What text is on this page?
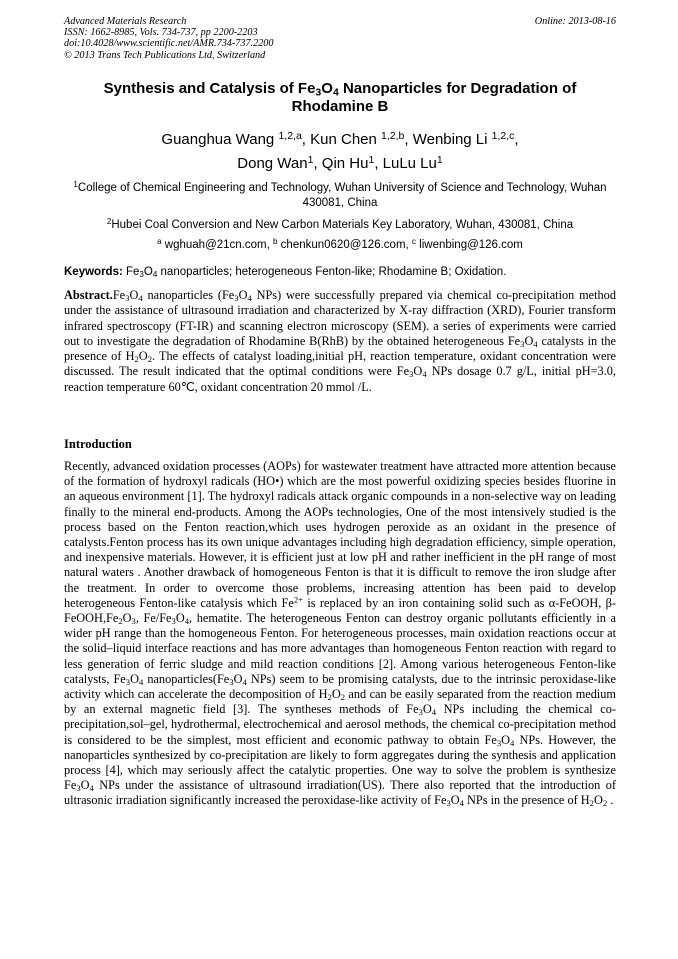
Advanced Materials Research
ISSN: 1662-8985, Vols. 734-737, pp 2200-2203
doi:10.4028/www.scientific.net/AMR.734-737.2200
© 2013 Trans Tech Publications Ltd, Switzerland
Online: 2013-08-16
Synthesis and Catalysis of $Fe_3O_4$ Nanoparticles for Degradation of Rhodamine B
Guanghua Wang $^{1,2,a}$, Kun Chen $^{1,2,b}$, Wenbing Li $^{1,2,c}$,
Dong Wan$^1$, Qin Hu$^1$, LuLu Lu$^1$
$^1$College of Chemical Engineering and Technology, Wuhan University of Science and Technology, Wuhan 430081, China
$^2$Hubei Coal Conversion and New Carbon Materials Key Laboratory, Wuhan, 430081, China
$^a$ wghuah@21cn.com, $^b$ chenkun0620@126.com, $^c$ liwenbing@126.com
Keywords: $Fe_3O_4$ nanoparticles; heterogeneous Fenton-like; Rhodamine B; Oxidation.
$Abstract.Fe_3O_4$ nanoparticles ($Fe_3O_4$ NPs) were successfully prepared via chemical co-precipitation method under the assistance of ultrasound irradiation and characterized by X-ray diffraction (XRD), Fourier transform infrared spectroscopy (FT-IR) and scanning electron microscopy (SEM). a series of experiments were carried out to investigate the degradation of Rhodamine B(RhB) by the obtained heterogeneous $Fe_3O_4$ catalysts in the presence of $H_2O_2$. The effects of catalyst loading,initial pH, reaction temperature, oxidant concentration were discussed. The result indicated that the optimal conditions were $Fe_3O_4$ NPs dosage 0.7 g/L, initial pH=3.0, reaction temperature 60℃, oxidant concentration 20 mmol /L.
Introduction
Recently, advanced oxidation processes (AOPs) for wastewater treatment have attracted more attention because of the formation of hydroxyl radicals (HO•) which are the most powerful oxidizing species besides fluorine in an aqueous environment [1]. The hydroxyl radicals attack organic compounds in a non-selective way on leading finally to the mineral end-products. Among the AOPs technologies, One of the most intensively studied is the process based on the Fenton reaction,which uses hydrogen peroxide as an oxidant in the presence of catalysts.Fenton process has its own unique advantages including high degradation efficiency, simple operation, and inexpensive materials. However, it is efficient just at low pH and rather inefficient in the pH range of most natural waters . Another drawback of homogeneous Fenton is that it is difficult to remove the iron sludge after the treatment. In order to overcome those problems, increasing attention has been paid to develop heterogeneous Fenton-like catalysis which $Fe^{2+}$ is replaced by an iron containing solid such as α-FeOOH, $\beta-FeOOH,Fe_2O_3$, $Fe/Fe_3O_4$, hematite. The heterogeneous Fenton can destroy organic pollutants efficiently in a wider pH range than the homogeneous Fenton. For heterogeneous processes, main oxidation reactions occur at the solid–liquid interface reactions and has more advantages than homogeneous Fenton reaction with regard to less generation of ferric sludge and mild reaction conditions [2]. Among various heterogeneous Fenton-like catalysts, $Fe_3O_4$ $nanoparticles(Fe_3O_4$ NPs) seem to be promising catalysts, due to the intrinsic peroxidase-like activity which can accelerate the decomposition of $H_2O_2$ and can be easily separated from the reaction medium by an external magnetic field [3]. The syntheses methods of $Fe_3O_4$ NPs including the chemical co-precipitation,sol–gel, hydrothermal, electrochemical and aerosol methods, the chemical co-precipitation method is considered to be the simplest, most efficient and economic pathway to obtain $Fe_3O_4$ NPs. However, the nanoparticles synthesized by co-precipitation are likely to form aggregates during the synthesis and application process [4], which may seriously affect the catalytic properties. One way to solve the problem is synthesize $Fe_3O_4$ NPs under the assistance of ultrasound irradiation(US). There also reported that the introduction of ultrasonic irradiation significantly increased the peroxidase-like activity of $Fe_3O_4$ NPs in the presence of $H_2O_2$ .
